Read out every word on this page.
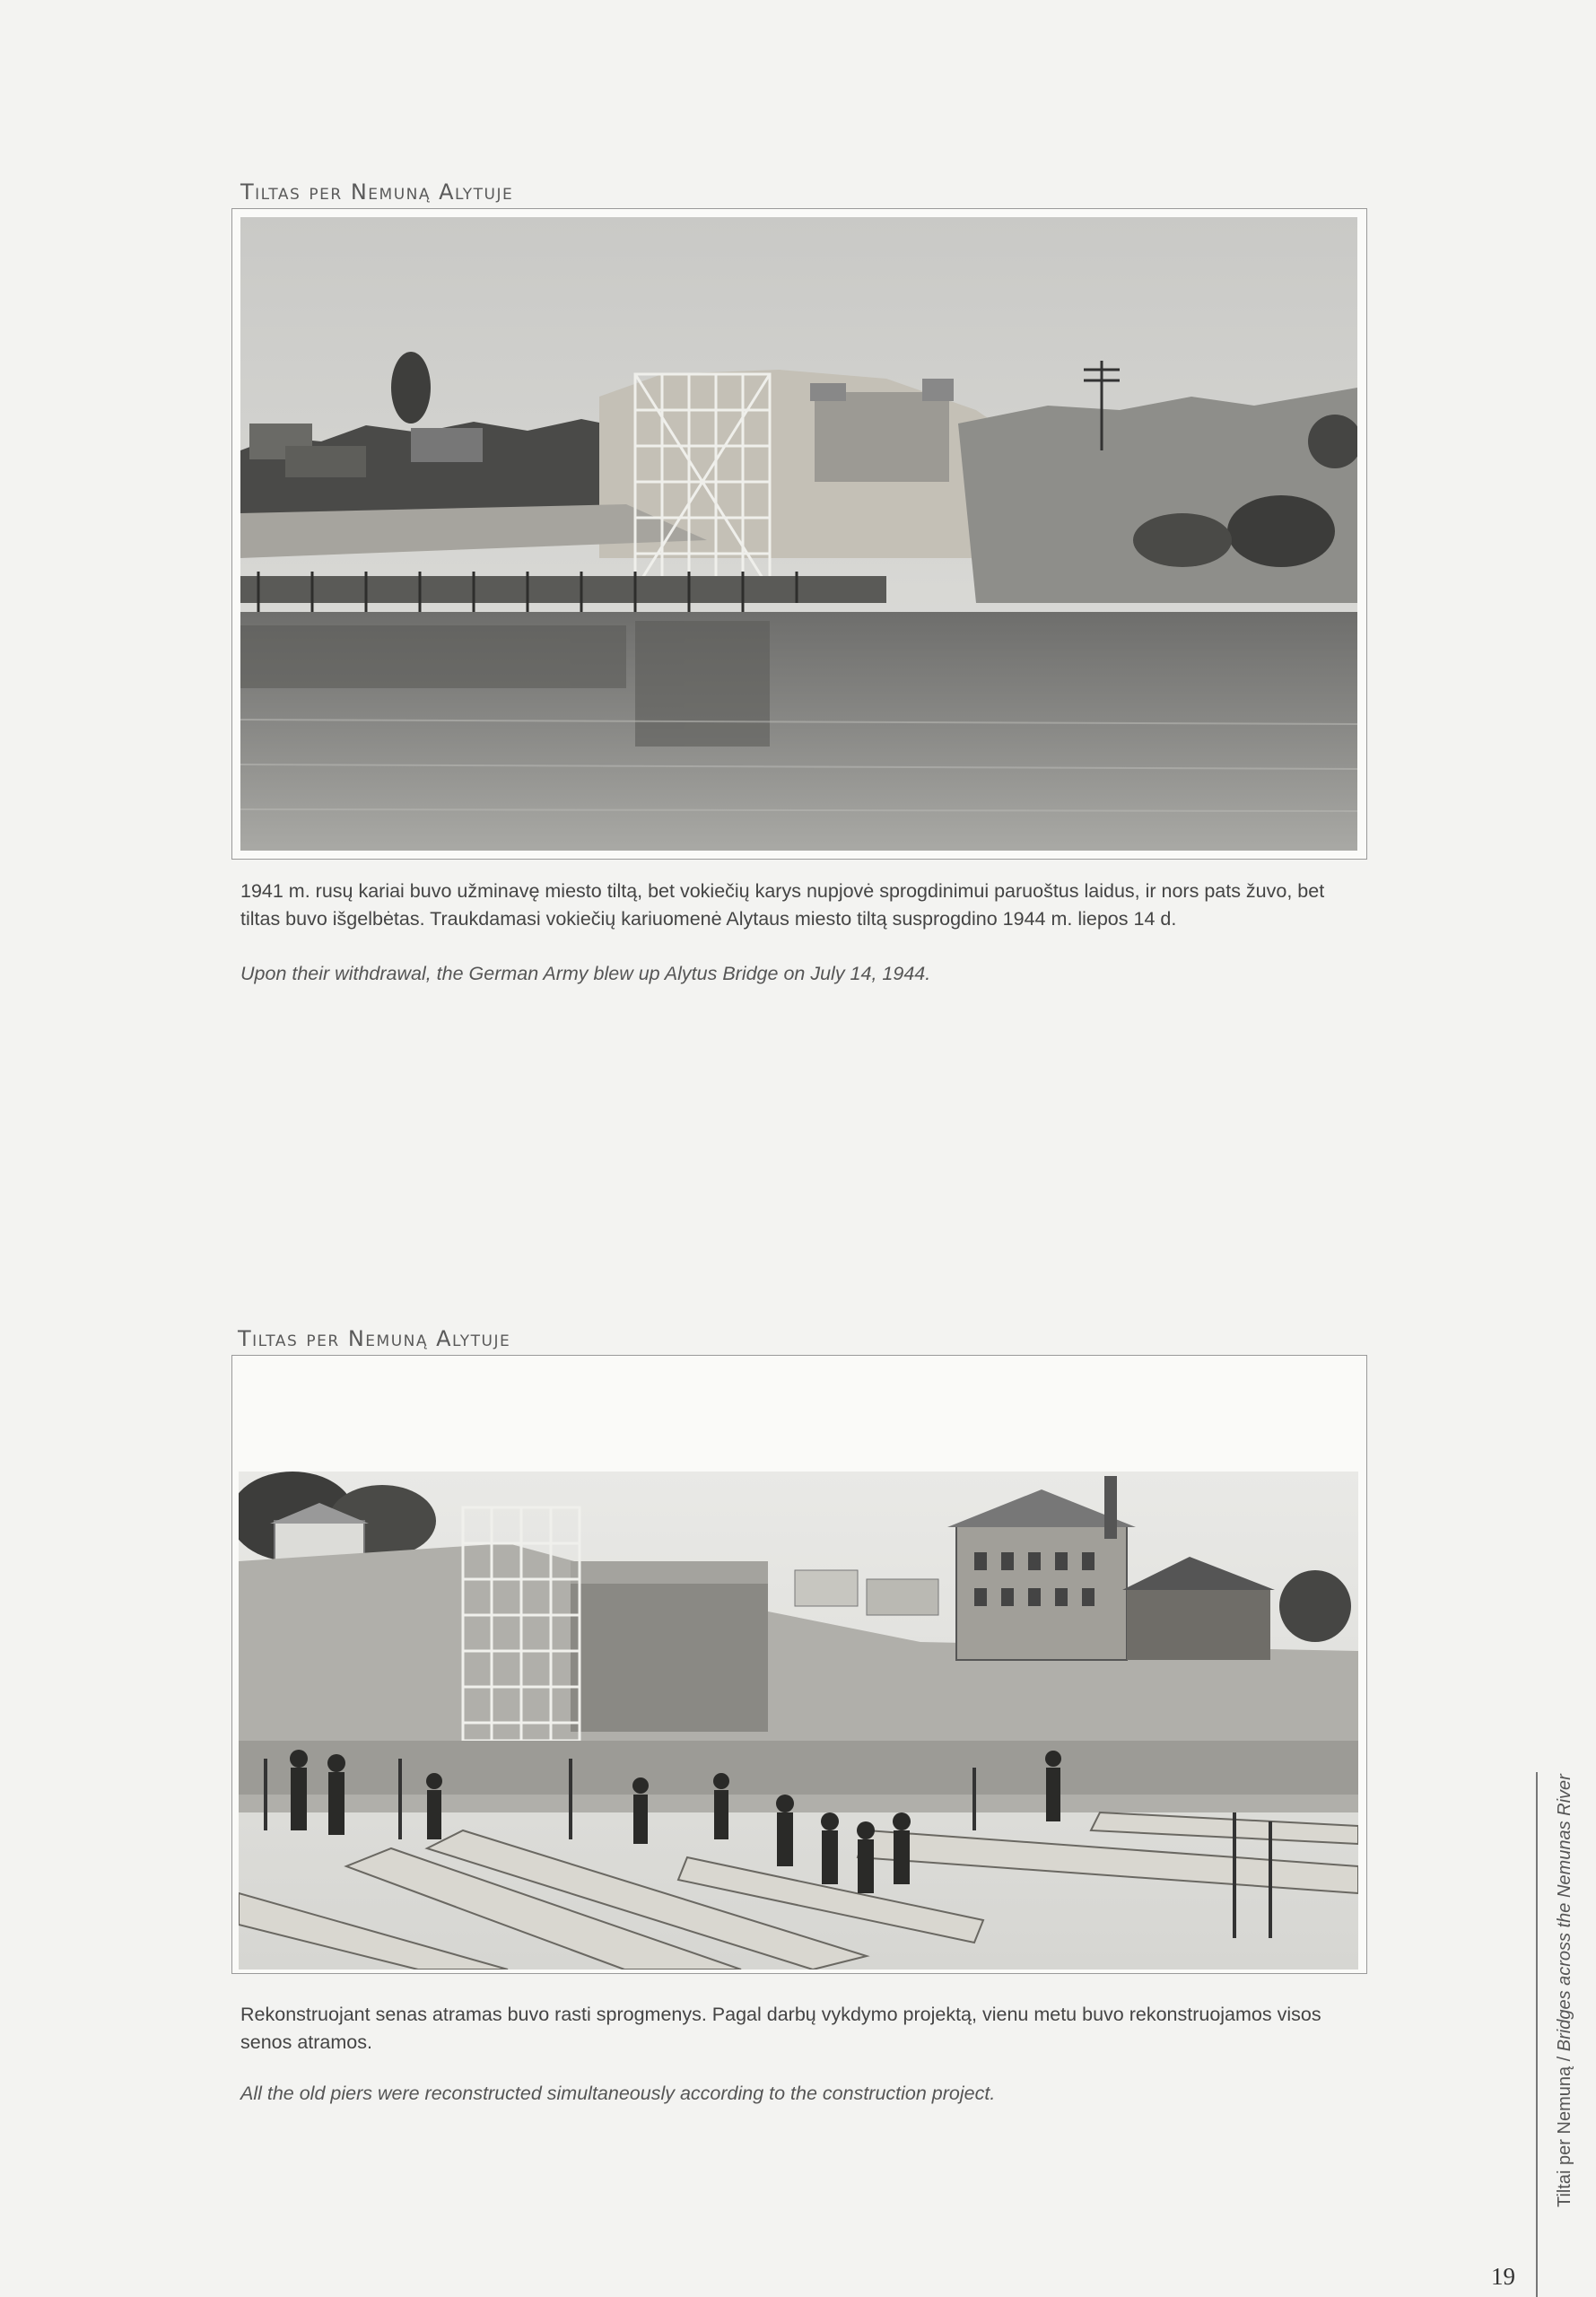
Tiltas per Nemuną Alytuje
1941 m. rusų kariai buvo užminavę miesto tiltą, bet vokiečių karys nupjovė sprogdinimui paruoštus laidus, ir nors pats žuvo, bet tiltas buvo išgelbėtas. Traukdamasi vokiečių kariuomenė Alytaus miesto tiltą susprogdino 1944 m. liepos 14 d.
Upon their withdrawal, the German Army blew up Alytus Bridge on July 14, 1944.
Tiltas per Nemuną Alytuje
Rekonstruojant senas atramas buvo rasti sprogmenys. Pagal darbų vykdymo projektą, vienu metu buvo rekonstruojamos visos senos atramos.
All the old piers were reconstructed simultaneously according to the construction project.	Tiltai per Nemuną / Bridges across the Nemunas River
19
